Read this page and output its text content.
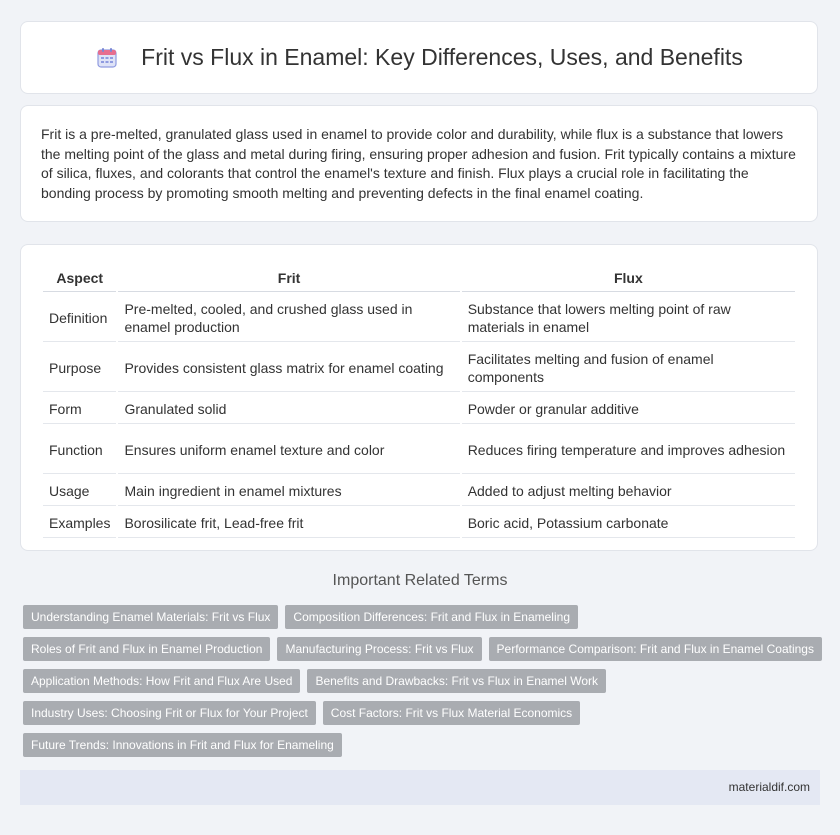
Frit vs Flux in Enamel: Key Differences, Uses, and Benefits

Frit is a pre-melted, granulated glass used in enamel to provide color and durability, while flux is a substance that lowers the melting point of the glass and metal during firing, ensuring proper adhesion and fusion. Frit typically contains a mixture of silica, fluxes, and colorants that control the enamel's texture and finish. Flux plays a crucial role in facilitating the bonding process by promoting smooth melting and preventing defects in the final enamel coating.

Aspect	Frit	Flux
Definition	Pre-melted, cooled, and crushed glass used in enamel production	Substance that lowers melting point of raw materials in enamel
Purpose	Provides consistent glass matrix for enamel coating	Facilitates melting and fusion of enamel components
Form	Granulated solid	Powder or granular additive
Function	Ensures uniform enamel texture and color	Reduces firing temperature and improves adhesion
Usage	Main ingredient in enamel mixtures	Added to adjust melting behavior
Examples	Borosilicate frit, Lead-free frit	Boric acid, Potassium carbonate
Important Related Terms
Understanding Enamel Materials: Frit vs Flux	Composition Differences: Frit and Flux in Enameling
Roles of Frit and Flux in Enamel Production	Manufacturing Process: Frit vs Flux	Performance Comparison: Frit and Flux in Enamel Coatings
Application Methods: How Frit and Flux Are Used	Benefits and Drawbacks: Frit vs Flux in Enamel Work
Industry Uses: Choosing Frit or Flux for Your Project	Cost Factors: Frit vs Flux Material Economics
Future Trends: Innovations in Frit and Flux for Enameling
materialdif.com
